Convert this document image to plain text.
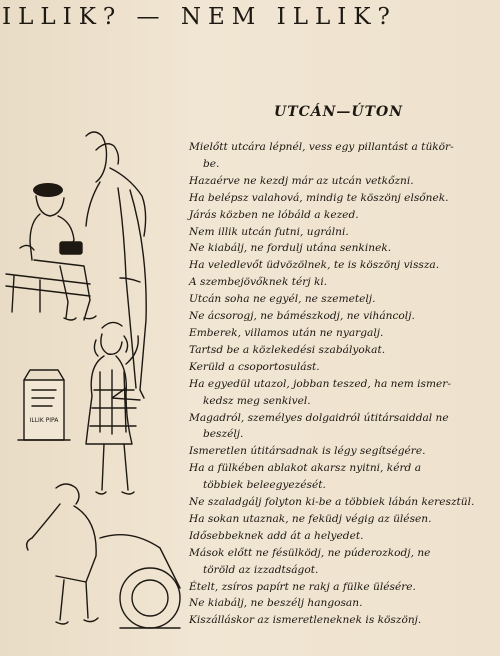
ILLIK? — NEM ILLIK?
ILLIK PIPA
UTCÁN—ÚTON
Mielőtt utcára lépnél, vess egy pillantást a tükör-
be.
Hazaérve ne kezdj már az utcán vetkőzni.
Ha belépsz valahová, mindig te köszönj elsőnek.
Járás közben ne lóbáld a kezed.
Nem illik utcán futni, ugrálni.
Ne kiabálj, ne fordulj utána senkinek.
Ha veledlevőt üdvözölnek, te is köszönj vissza.
A szembejövőknek térj ki.
Utcán soha ne egyél, ne szemetelj.
Ne ácsorogj, ne bámészkodj, ne viháncolj.
Emberek, villamos után ne nyargalj.
Tartsd be a közlekedési szabályokat.
Kerüld a csoportosulást.
Ha egyedül utazol, jobban teszed, ha nem ismer-
kedsz meg senkivel.
Magadról, személyes dolgaidról útitársaiddal ne
beszélj.
Ismeretlen útitársadnak is légy segítségére.
Ha a fülkében ablakot akarsz nyitni, kérd a
többiek beleegyezését.
Ne szaladgálj folyton ki-be a többiek lábán keresztül.
Ha sokan utaznak, ne feküdj végig az ülésen.
Idősebbeknek add át a helyedet.
Mások előtt ne fésülködj, ne púderozkodj, ne
töröld az izzadtságot.
Ételt, zsíros papírt ne rakj a fülke ülésére.
Ne kiabálj, ne beszélj hangosan.
Kiszálláskor az ismeretleneknek is köszönj.
